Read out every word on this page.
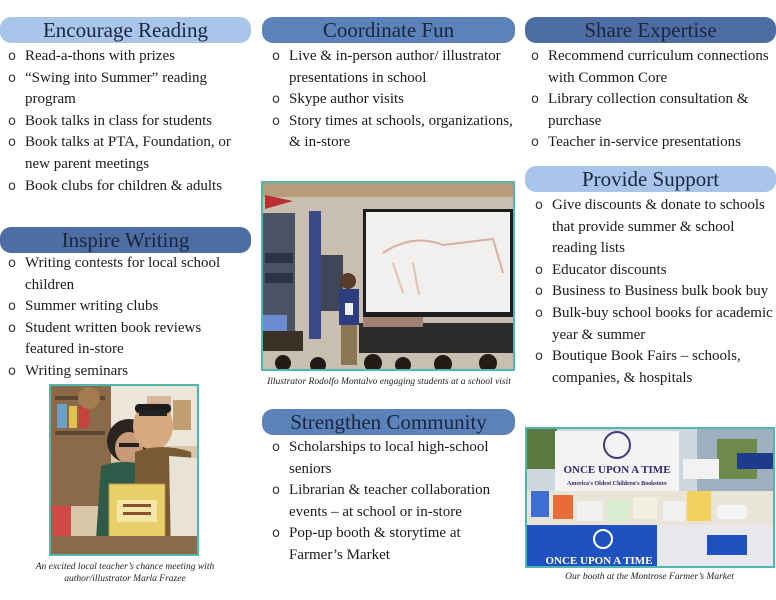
Encourage Reading
o Read-a-thons with prizes
o “Swing into Summer” reading program
o Book talks in class for students
o Book talks at PTA, Foundation, or new parent meetings
o Book clubs for children & adults
Inspire Writing
o Writing contests for local school children
o Summer writing clubs
o Student written book reviews featured in-store
o Writing seminars
An excited local teacher’s chance meeting with author/illustrator Marla Frazee
Coordinate Fun
o Live & in-person author/ illustrator presentations in school
o Skype author visits
o Story times at schools, organizations, & in-store
Illustrator Rodolfo Montalvo engaging students at a school visit
Strengthen Community
o Scholarships to local high-school seniors
o Librarian & teacher collaboration events – at school or in-store
o Pop-up booth & storytime at Farmer’s Market
Share Expertise
o Recommend curriculum connections with Common Core
o Library collection consultation & purchase
o Teacher in-service presentations
Provide Support
o Give discounts & donate to schools that provide summer & school reading lists
o Educator discounts
o Business to Business bulk book buy
o Bulk-buy school books for academic year & summer
o Boutique Book Fairs – schools, companies, & hospitals
ONCE UPON A TIME
America's Oldest Children's Bookstore
ONCE UPON A TIME
Our booth at the Montrose Farmer’s Market
